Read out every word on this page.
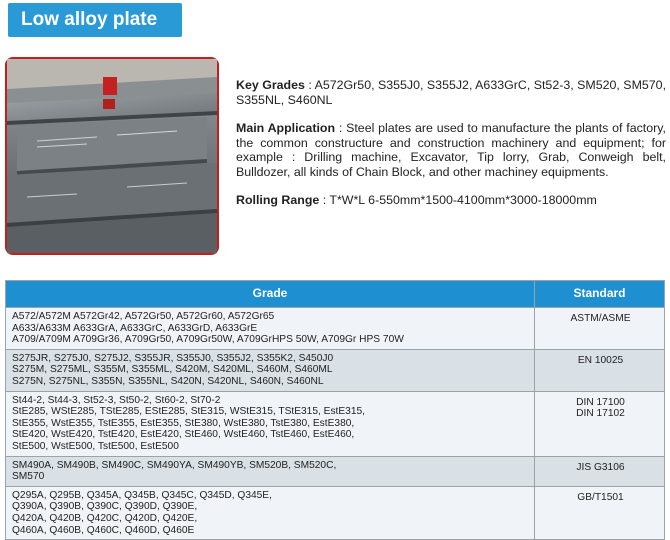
Low alloy plate

Key Grades : A572Gr50, S355J0, S355J2, A633GrC, St52-3, SM520, SM570, S355NL, S460NL

Main Application : Steel plates are used to manufacture the plants of factory, the common constructure and construction machinery and equipment; for example : Drilling machine, Excavator, Tip lorry, Grab, Conweigh belt, Bulldozer, all kinds of Chain Block, and other machiney equipments.

Rolling Range : T*W*L 6-550mm*1500-4100mm*3000-18000mm

Grade	Standard

A572/A572M A572Gr42, A572Gr50, A572Gr60, A572Gr65
A633/A633M A633GrA, A633GrC, A633GrD, A633GrE
A709/A709M A709Gr36, A709Gr50, A709Gr50W, A709GrHPS 50W, A709Gr HPS 70W	ASTM/ASME

S275JR, S275J0, S275J2, S355JR, S355J0, S355J2, S355K2, S450J0
S275M, S275ML, S355M, S355ML, S420M, S420ML, S460M, S460ML
S275N, S275NL, S355N, S355NL, S420N, S420NL, S460N, S460NL	EN 10025

St44-2, St44-3, St52-3, St50-2, St60-2, St70-2
StE285, WStE285, TStE285, EStE285, StE315, WStE315, TStE315, EstE315,
StE355, WstE355, TstE355, EstE355, StE380, WstE380, TstE380, EstE380,
StE420, WstE420, TstE420, EstE420, StE460, WstE460, TstE460, EstE460,
StE500, WstE500, TstE500, EstE500	DIN 17100
DIN 17102

SM490A, SM490B, SM490C, SM490YA, SM490YB, SM520B, SM520C,
SM570	JIS G3106

Q295A, Q295B, Q345A, Q345B, Q345C, Q345D, Q345E,
Q390A, Q390B, Q390C, Q390D, Q390E,
Q420A, Q420B, Q420C, Q420D, Q420E,
Q460A, Q460B, Q460C, Q460D, Q460E	GB/T1501
